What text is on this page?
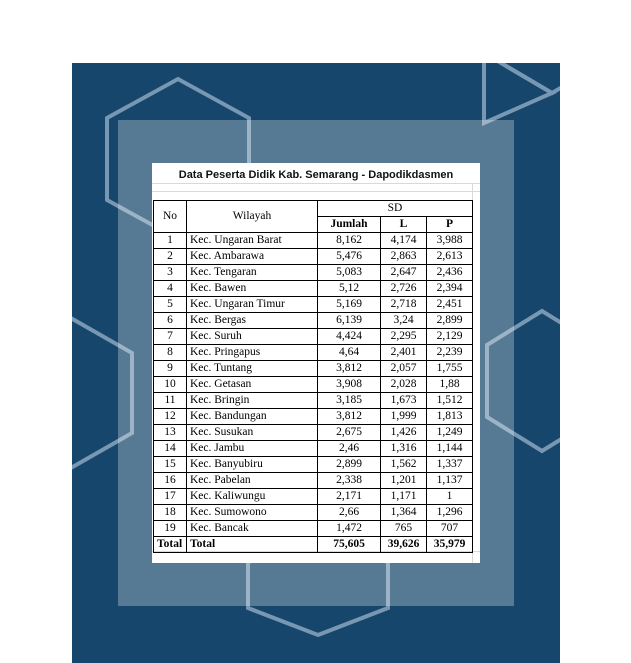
Data Peserta Didik Kab. Semarang - Dapodikdasmen
No	Wilayah	SD		
		Jumlah	L	P
1	Kec. Ungaran Barat	8,162	4,174	3,988
2	Kec. Ambarawa	5,476	2,863	2,613
3	Kec. Tengaran	5,083	2,647	2,436
4	Kec. Bawen	5,12	2,726	2,394
5	Kec. Ungaran Timur	5,169	2,718	2,451
6	Kec. Bergas	6,139	3,24	2,899
7	Kec. Suruh	4,424	2,295	2,129
8	Kec. Pringapus	4,64	2,401	2,239
9	Kec. Tuntang	3,812	2,057	1,755
10	Kec. Getasan	3,908	2,028	1,88
11	Kec. Bringin	3,185	1,673	1,512
12	Kec. Bandungan	3,812	1,999	1,813
13	Kec. Susukan	2,675	1,426	1,249
14	Kec. Jambu	2,46	1,316	1,144
15	Kec. Banyubiru	2,899	1,562	1,337
16	Kec. Pabelan	2,338	1,201	1,137
17	Kec. Kaliwungu	2,171	1,171	1
18	Kec. Sumowono	2,66	1,364	1,296
19	Kec. Bancak	1,472	765	707
Total	Total	75,605	39,626	35,979
